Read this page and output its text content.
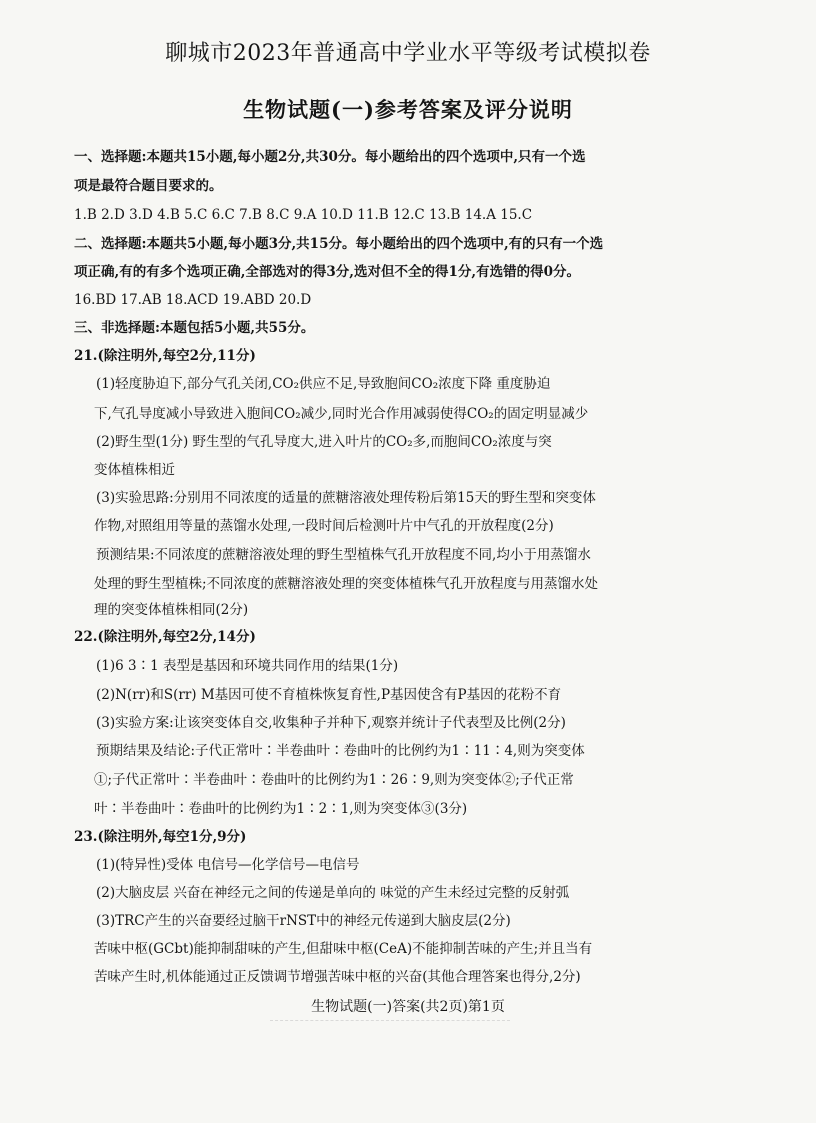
聊城市2023年普通高中学业水平等级考试模拟卷
生物试题(一)参考答案及评分说明
一、选择题:本题共15小题,每小题2分,共30分。每小题给出的四个选项中,只有一个选
项是最符合题目要求的。
1.B 2.D 3.D 4.B 5.C 6.C 7.B 8.C 9.A 10.D 11.B 12.C 13.B 14.A 15.C
二、选择题:本题共5小题,每小题3分,共15分。每小题给出的四个选项中,有的只有一个选
项正确,有的有多个选项正确,全部选对的得3分,选对但不全的得1分,有选错的得0分。
16.BD 17.AB 18.ACD 19.ABD 20.D
三、非选择题:本题包括5小题,共55分。
21.(除注明外,每空2分,11分)
(1)轻度胁迫下,部分气孔关闭,CO₂供应不足,导致胞间CO₂浓度下降 重度胁迫
下,气孔导度减小导致进入胞间CO₂减少,同时光合作用减弱使得CO₂的固定明显减少
(2)野生型(1分) 野生型的气孔导度大,进入叶片的CO₂多,而胞间CO₂浓度与突
变体植株相近
(3)实验思路:分别用不同浓度的适量的蔗糖溶液处理传粉后第15天的野生型和突变体
作物,对照组用等量的蒸馏水处理,一段时间后检测叶片中气孔的开放程度(2分)
预测结果:不同浓度的蔗糖溶液处理的野生型植株气孔开放程度不同,均小于用蒸馏水
处理的野生型植株;不同浓度的蔗糖溶液处理的突变体植株气孔开放程度与用蒸馏水处
理的突变体植株相同(2分)
22.(除注明外,每空2分,14分)
(1)6 3∶1 表型是基因和环境共同作用的结果(1分)
(2)N(rr)和S(rr) M基因可使不育植株恢复育性,P基因使含有P基因的花粉不育
(3)实验方案:让该突变体自交,收集种子并种下,观察并统计子代表型及比例(2分)
预期结果及结论:子代正常叶∶半卷曲叶∶卷曲叶的比例约为1∶11∶4,则为突变体
①;子代正常叶∶半卷曲叶∶卷曲叶的比例约为1∶26∶9,则为突变体②;子代正常
叶∶半卷曲叶∶卷曲叶的比例约为1∶2∶1,则为突变体③(3分)
23.(除注明外,每空1分,9分)
(1)(特异性)受体 电信号—化学信号—电信号
(2)大脑皮层 兴奋在神经元之间的传递是单向的 味觉的产生未经过完整的反射弧
(3)TRC产生的兴奋要经过脑干rNST中的神经元传递到大脑皮层(2分)
苦味中枢(GCbt)能抑制甜味的产生,但甜味中枢(CeA)不能抑制苦味的产生;并且当有
苦味产生时,机体能通过正反馈调节增强苦味中枢的兴奋(其他合理答案也得分,2分)
生物试题(一)答案(共2页)第1页
